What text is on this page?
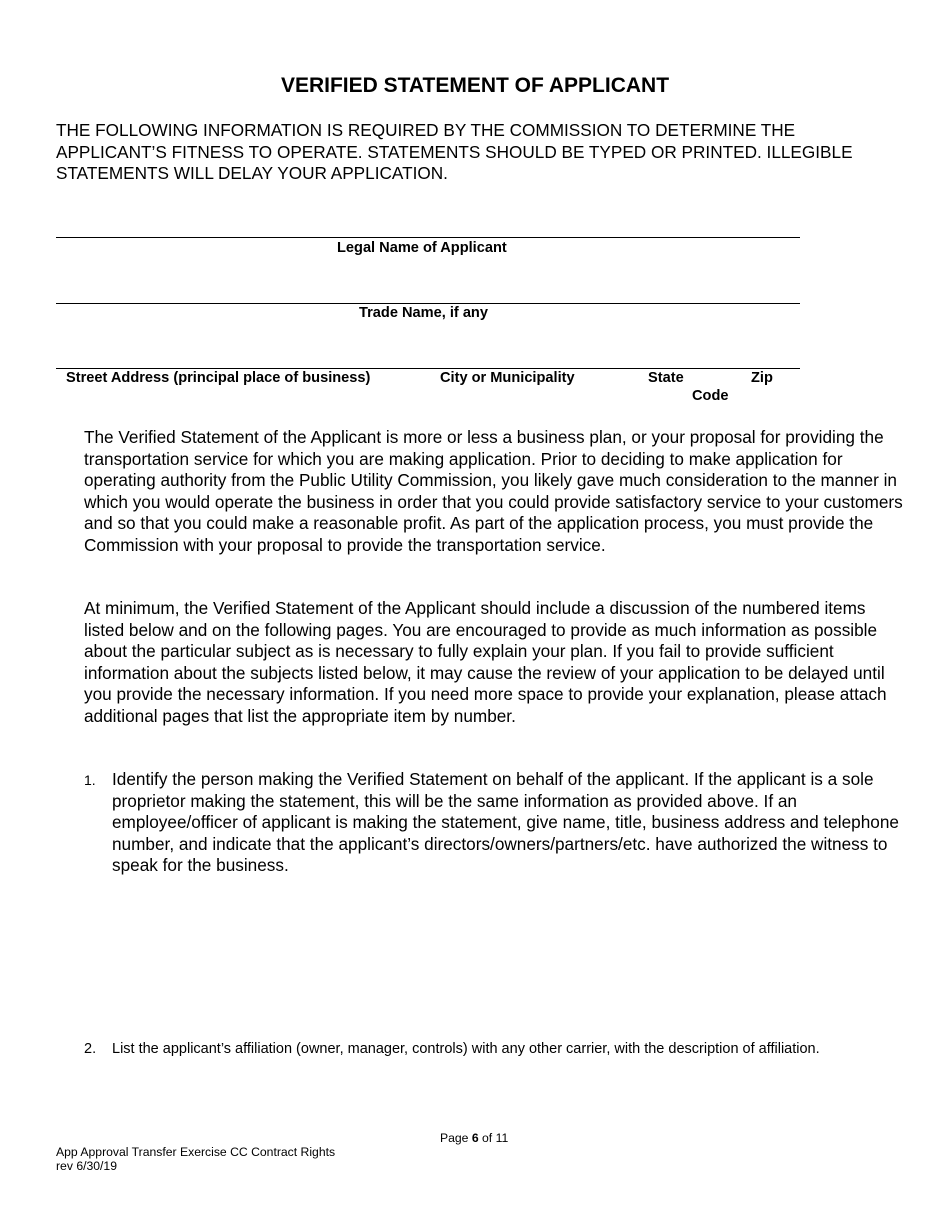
VERIFIED STATEMENT OF APPLICANT
THE FOLLOWING INFORMATION IS REQUIRED BY THE COMMISSION TO DETERMINE THE APPLICANT’S FITNESS TO OPERATE. STATEMENTS SHOULD BE TYPED OR PRINTED. ILLEGIBLE STATEMENTS WILL DELAY YOUR APPLICATION.
Legal Name of Applicant
Trade Name, if any
Street Address (principal place of business)	City or Municipality	State	Zip
Code
The Verified Statement of the Applicant is more or less a business plan, or your proposal for providing the transportation service for which you are making application. Prior to deciding to make application for operating authority from the Public Utility Commission, you likely gave much consideration to the manner in which you would operate the business in order that you could provide satisfactory service to your customers and so that you could make a reasonable profit. As part of the application process, you must provide the Commission with your proposal to provide the transportation service.
At minimum, the Verified Statement of the Applicant should include a discussion of the numbered items listed below and on the following pages. You are encouraged to provide as much information as possible about the particular subject as is necessary to fully explain your plan. If you fail to provide sufficient information about the subjects listed below, it may cause the review of your application to be delayed until you provide the necessary information. If you need more space to provide your explanation, please attach additional pages that list the appropriate item by number.
1. Identify the person making the Verified Statement on behalf of the applicant. If the applicant is a sole proprietor making the statement, this will be the same information as provided above. If an employee/officer of applicant is making the statement, give name, title, business address and telephone number, and indicate that the applicant’s directors/owners/partners/etc. have authorized the witness to speak for the business.
2. List the applicant’s affiliation (owner, manager, controls) with any other carrier, with the description of affiliation.
Page 6 of 11
App Approval Transfer Exercise CC Contract Rights
rev 6/30/19
